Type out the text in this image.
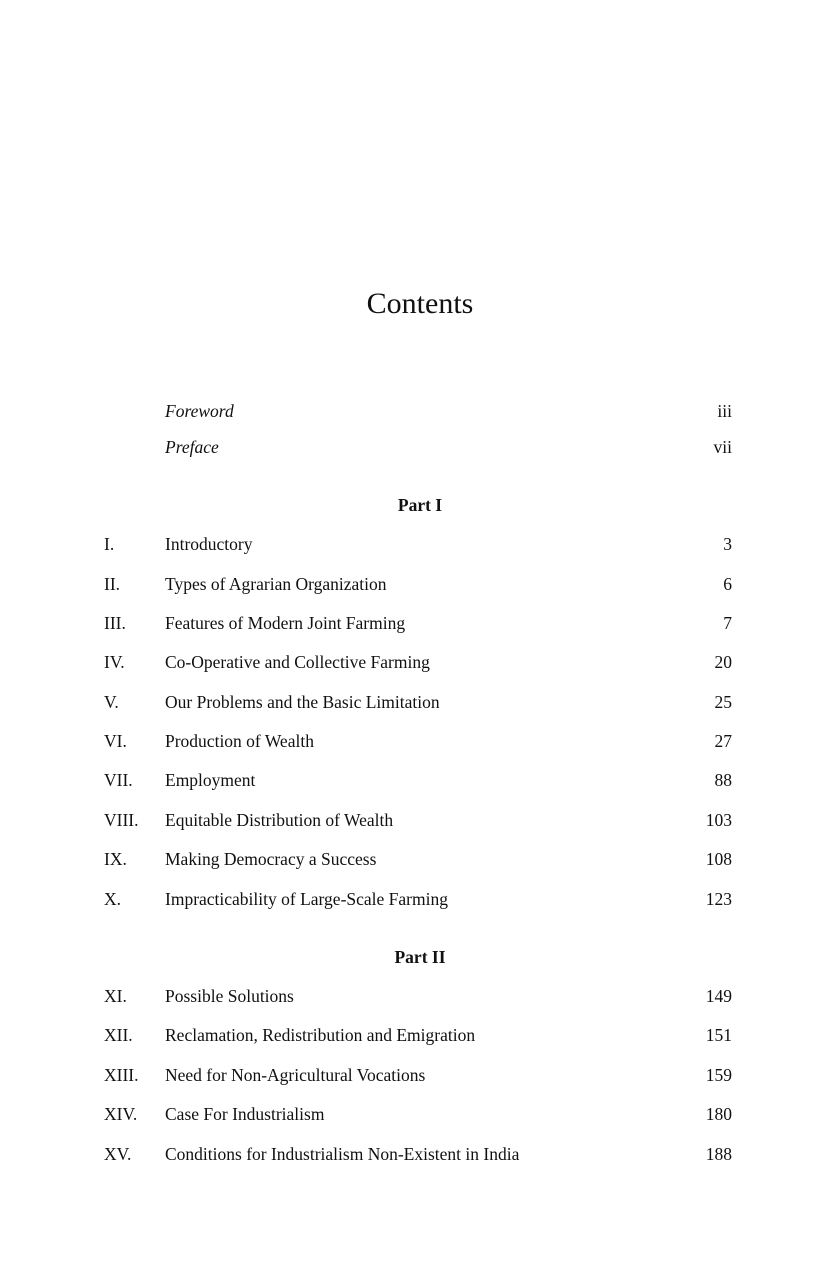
Contents
Foreword	iii
Preface	vii
Part I
I.	Introductory	3
II.	Types of Agrarian Organization	6
III. Features of Modern Joint Farming	7
IV. Co-Operative and Collective Farming	20
V.	Our Problems and the Basic Limitation	25
VI. Production of Wealth	27
VII. Employment	88
VIII. Equitable Distribution of Wealth	103
IX. Making Democracy a Success	108
X.	Impracticability of Large-Scale Farming	123
Part II
XI. Possible Solutions	149
XII. Reclamation, Redistribution and Emigration	151
XIII. Need for Non-Agricultural Vocations	159
XIV. Case For Industrialism	180
XV. Conditions for Industrialism Non-Existent in India	188
